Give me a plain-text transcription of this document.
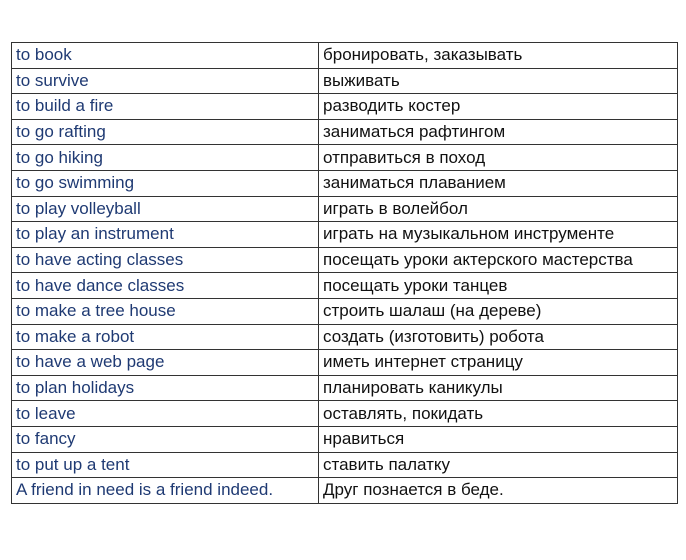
to book	бронировать, заказывать
to survive	выживать
to build a fire	разводить костер
to go rafting	заниматься рафтингом
to go hiking	отправиться в поход
to go swimming	заниматься плаванием
to play volleyball	играть в волейбол
to play an instrument	играть на музыкальном инструменте
to have acting classes	посещать уроки актерского мастерства
to have dance classes	посещать уроки танцев
to make a tree house	строить шалаш (на дереве)
to make a robot	создать (изготовить) робота
to have a web page	иметь интернет страницу
to plan holidays	планировать каникулы
to leave	оставлять, покидать
to fancy	нравиться
to put up a tent	ставить палатку
A friend in need is a friend indeed.	Друг познается в беде.
